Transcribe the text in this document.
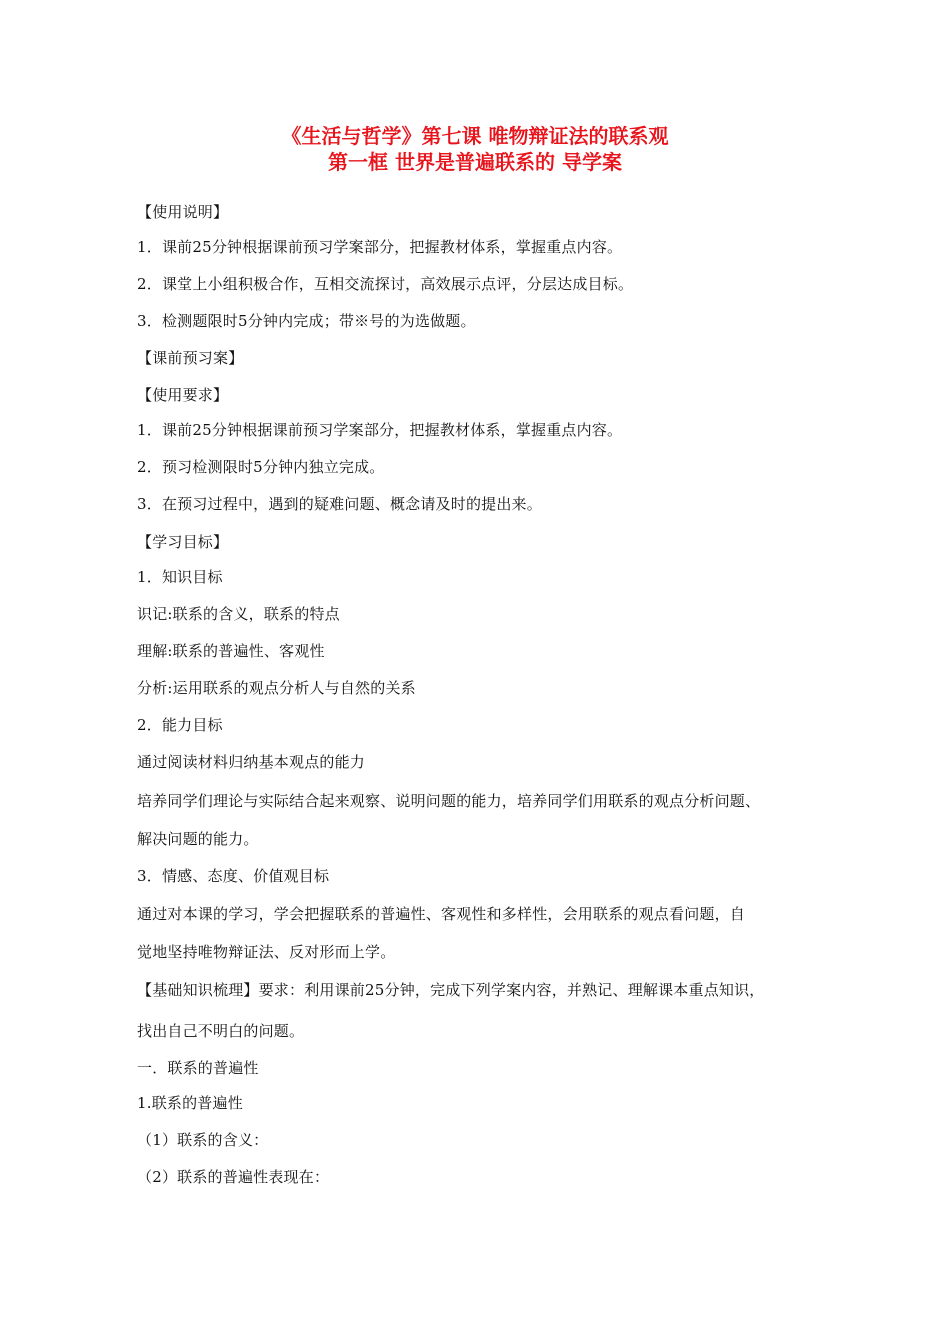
《生活与哲学》第七课 唯物辩证法的联系观
第一框 世界是普遍联系的 导学案
【使用说明】
1．课前25分钟根据课前预习学案部分，把握教材体系，掌握重点内容。
2．课堂上小组积极合作，互相交流探讨，高效展示点评，分层达成目标。
3．检测题限时5分钟内完成；带※号的为选做题。
【课前预习案】
【使用要求】
1．课前25分钟根据课前预习学案部分，把握教材体系，掌握重点内容。
2．预习检测限时5分钟内独立完成。
3．在预习过程中，遇到的疑难问题、概念请及时的提出来。
【学习目标】
1．知识目标
识记:联系的含义，联系的特点
理解:联系的普遍性、客观性
分析:运用联系的观点分析人与自然的关系
2．能力目标
通过阅读材料归纳基本观点的能力
培养同学们理论与实际结合起来观察、说明问题的能力，培养同学们用联系的观点分析问题、
解决问题的能力。
3．情感、态度、价值观目标
通过对本课的学习，学会把握联系的普遍性、客观性和多样性，会用联系的观点看问题，自
觉地坚持唯物辩证法、反对形而上学。
【基础知识梳理】要求：利用课前25分钟，完成下列学案内容，并熟记、理解课本重点知识，
找出自己不明白的问题。
一．联系的普遍性
1.联系的普遍性
（1）联系的含义：
（2）联系的普遍性表现在：
